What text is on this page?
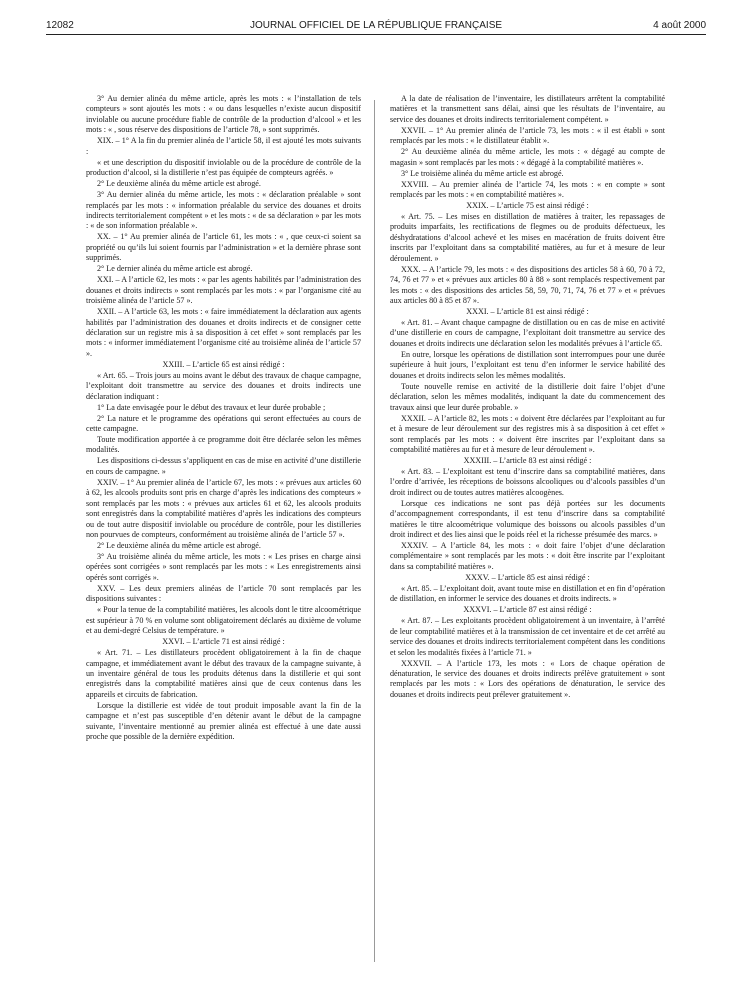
12082	JOURNAL OFFICIEL DE LA RÉPUBLIQUE FRANÇAISE	4 août 2000

3° Au dernier alinéa du même article, après les mots : « l’installation de tels compteurs » sont ajoutés les mots : « ou dans lesquelles n’existe aucun dispositif inviolable ou aucune procédure fiable de contrôle de la production d’alcool » et les mots : « , sous réserve des dispositions de l’article 78, » sont supprimés.

XIX. – 1° A la fin du premier alinéa de l’article 58, il est ajouté les mots suivants :

« et une description du dispositif inviolable ou de la procédure de contrôle de la production d’alcool, si la distillerie n’est pas équipée de compteurs agréés. »

2° Le deuxième alinéa du même article est abrogé.

3° Au dernier alinéa du même article, les mots : « déclaration préalable » sont remplacés par les mots : « information préalable du service des douanes et droits indirects territorialement compétent » et les mots : « de sa déclaration » par les mots : « de son information préalable ».

XX. – 1° Au premier alinéa de l’article 61, les mots : « , que ceux-ci soient sa propriété ou qu’ils lui soient fournis par l’administration » et la dernière phrase sont supprimés.

2° Le dernier alinéa du même article est abrogé.

XXI. – A l’article 62, les mots : « par les agents habilités par l’administration des douanes et droits indirects » sont remplacés par les mots : « par l’organisme cité au troisième alinéa de l’article 57 ».

XXII. – A l’article 63, les mots : « faire immédiatement la déclaration aux agents habilités par l’administration des douanes et droits indirects et de consigner cette déclaration sur un registre mis à sa disposition à cet effet » sont remplacés par les mots : « informer immédiatement l’organisme cité au troisième alinéa de l’article 57 ».

XXIII. – L’article 65 est ainsi rédigé :

« Art. 65. – Trois jours au moins avant le début des travaux de chaque campagne, l’exploitant doit transmettre au service des douanes et droits indirects une déclaration indiquant :

1° La date envisagée pour le début des travaux et leur durée probable ;

2° La nature et le programme des opérations qui seront effectuées au cours de cette campagne.

Toute modification apportée à ce programme doit être déclarée selon les mêmes modalités.

Les dispositions ci-dessus s’appliquent en cas de mise en activité d’une distillerie en cours de campagne. »

XXIV. – 1° Au premier alinéa de l’article 67, les mots : « prévues aux articles 60 à 62, les alcools produits sont pris en charge d’après les indications des compteurs » sont remplacés par les mots : « prévues aux articles 61 et 62, les alcools produits sont enregistrés dans la comptabilité matières d’après les indications des compteurs ou de tout autre dispositif inviolable ou procédure de contrôle, pour les distilleries non pourvues de compteurs, conformément au troisième alinéa de l’article 57 ».

2° Le deuxième alinéa du même article est abrogé.

3° Au troisième alinéa du même article, les mots : « Les prises en charge ainsi opérées sont corrigées » sont remplacés par les mots : « Les enregistrements ainsi opérés sont corrigés ».

XXV. – Les deux premiers alinéas de l’article 70 sont remplacés par les dispositions suivantes :

« Pour la tenue de la comptabilité matières, les alcools dont le titre alcoométrique est supérieur à 70 % en volume sont obligatoirement déclarés au dixième de volume et au demi-degré Celsius de température. »

XXVI. – L’article 71 est ainsi rédigé :

« Art. 71. – Les distillateurs procèdent obligatoirement à la fin de chaque campagne, et immédiatement avant le début des travaux de la campagne suivante, à un inventaire général de tous les produits détenus dans la distillerie et qui sont enregistrés dans la comptabilité matières ainsi que de ceux contenus dans les appareils et circuits de fabrication.

Lorsque la distillerie est vidée de tout produit imposable avant la fin de la campagne et n’est pas susceptible d’en détenir avant le début de la campagne suivante, l’inventaire mentionné au premier alinéa est effectué à une date aussi proche que possible de la dernière expédition.

A la date de réalisation de l’inventaire, les distillateurs arrêtent la comptabilité matières et la transmettent sans délai, ainsi que les résultats de l’inventaire, au service des douanes et droits indirects territorialement compétent. »

XXVII. – 1° Au premier alinéa de l’article 73, les mots : « il est établi » sont remplacés par les mots : « le distillateur établit ».

2° Au deuxième alinéa du même article, les mots : « dégagé au compte de magasin » sont remplacés par les mots : « dégagé à la comptabilité matières ».

3° Le troisième alinéa du même article est abrogé.

XXVIII. – Au premier alinéa de l’article 74, les mots : « en compte » sont remplacés par les mots : « en comptabilité matières ».

XXIX. – L’article 75 est ainsi rédigé :

« Art. 75. – Les mises en distillation de matières à traiter, les repassages de produits imparfaits, les rectifications de flegmes ou de produits défectueux, les déshydratations d’alcool achevé et les mises en macération de fruits doivent être inscrits par l’exploitant dans sa comptabilité matières, au fur et à mesure de leur déroulement. »

XXX. – A l’article 79, les mots : « des dispositions des articles 58 à 60, 70 à 72, 74, 76 et 77 » et « prévues aux articles 80 à 88 » sont remplacés respectivement par les mots : « des dispositions des articles 58, 59, 70, 71, 74, 76 et 77 » et « prévues aux articles 80 à 85 et 87 ».

XXXI. – L’article 81 est ainsi rédigé :

« Art. 81. – Avant chaque campagne de distillation ou en cas de mise en activité d’une distillerie en cours de campagne, l’exploitant doit transmettre au service des douanes et droits indirects une déclaration selon les modalités prévues à l’article 65.

En outre, lorsque les opérations de distillation sont interrompues pour une durée supérieure à huit jours, l’exploitant est tenu d’en informer le service habilité des douanes et droits indirects selon les mêmes modalités.

Toute nouvelle remise en activité de la distillerie doit faire l’objet d’une déclaration, selon les mêmes modalités, indiquant la date du commencement des travaux ainsi que leur durée probable. »

XXXII. – A l’article 82, les mots : « doivent être déclarées par l’exploitant au fur et à mesure de leur déroulement sur des registres mis à sa disposition à cet effet » sont remplacés par les mots : « doivent être inscrites par l’exploitant dans sa comptabilité matières au fur et à mesure de leur déroulement ».

XXXIII. – L’article 83 est ainsi rédigé :

« Art. 83. – L’exploitant est tenu d’inscrire dans sa comptabilité matières, dans l’ordre d’arrivée, les réceptions de boissons alcooliques ou d’alcools passibles d’un droit indirect ou de toutes autres matières alcoogènes.

Lorsque ces indications ne sont pas déjà portées sur les documents d’accompagnement correspondants, il est tenu d’inscrire dans sa comptabilité matières le titre alcoométrique volumique des boissons ou alcools passibles d’un droit indirect et des lies ainsi que le poids réel et la richesse présumée des marcs. »

XXXIV. – A l’article 84, les mots : « doit faire l’objet d’une déclaration complémentaire » sont remplacés par les mots : « doit être inscrite par l’exploitant dans sa comptabilité matières ».

XXXV. – L’article 85 est ainsi rédigé :

« Art. 85. – L’exploitant doit, avant toute mise en distillation et en fin d’opération de distillation, en informer le service des douanes et droits indirects. »

XXXVI. – L’article 87 est ainsi rédigé :

« Art. 87. – Les exploitants procèdent obligatoirement à un inventaire, à l’arrêté de leur comptabilité matières et à la transmission de cet inventaire et de cet arrêté au service des douanes et droits indirects territorialement compétent dans les conditions et selon les modalités fixées à l’article 71. »

XXXVII. – A l’article 173, les mots : « Lors de chaque opération de dénaturation, le service des douanes et droits indirects prélève gratuitement » sont remplacés par les mots : « Lors des opérations de dénaturation, le service des douanes et droits indirects peut prélever gratuitement ».
